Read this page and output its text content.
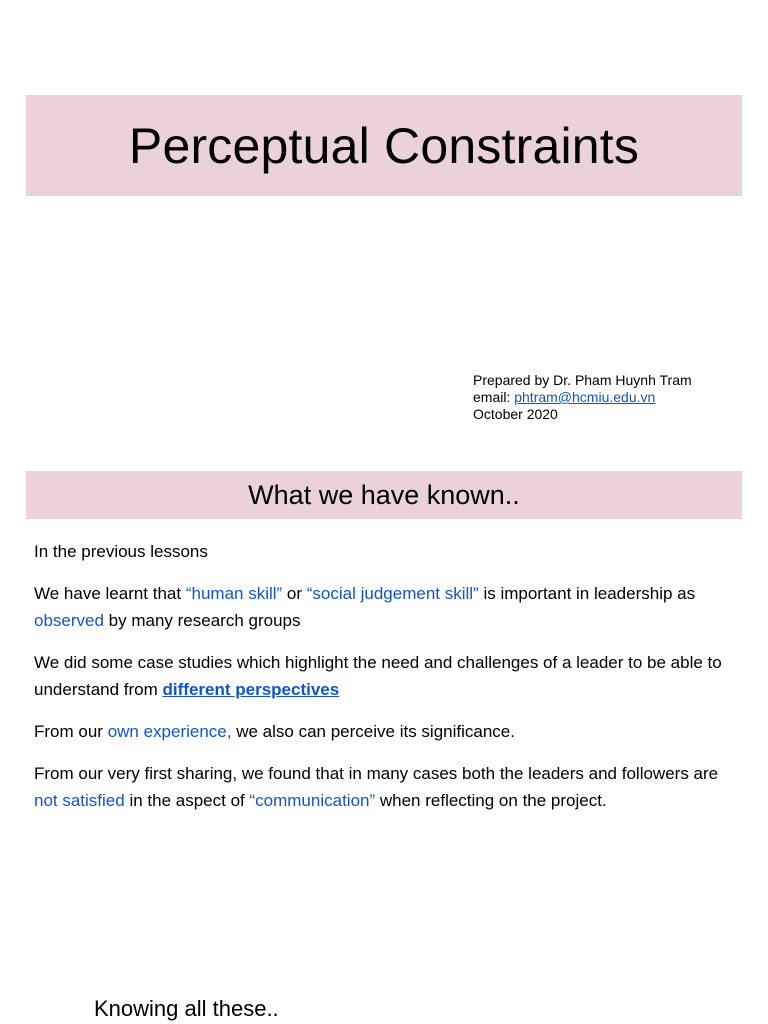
Perceptual Constraints
Prepared by Dr. Pham Huynh Tram
email: phtram@hcmiu.edu.vn
October 2020
What we have known..

In the previous lessons

We have learnt that “human skill” or “social judgement skill” is important in leadership as observed by many research groups

We did some case studies which highlight the need and challenges of a leader to be able to understand from different perspectives

From our own experience, we also can perceive its significance.

From our very first sharing, we found that in many cases both the leaders and followers are not satisfied in the aspect of “communication” when reflecting on the project.

Knowing all these..
